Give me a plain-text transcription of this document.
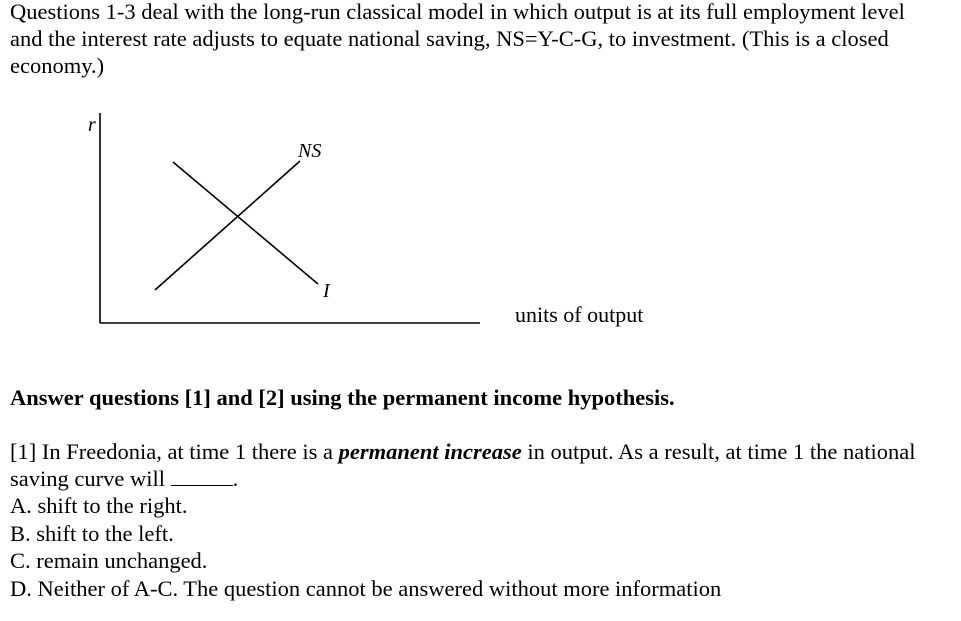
Questions 1-3 deal with the long-run classical model in which output is at its full employment level and the interest rate adjusts to equate national saving, NS=Y-C-G, to investment. (This is a closed economy.)

r
NS
I

units of output

Answer questions [1] and [2] using the permanent income hypothesis.

[1] In Freedonia, at time 1 there is a permanent increase in output. As a result, at time 1 the national saving curve will	.

A. shift to the right.
B. shift to the left.
C. remain unchanged.
D. Neither of A-C. The question cannot be answered without more information
